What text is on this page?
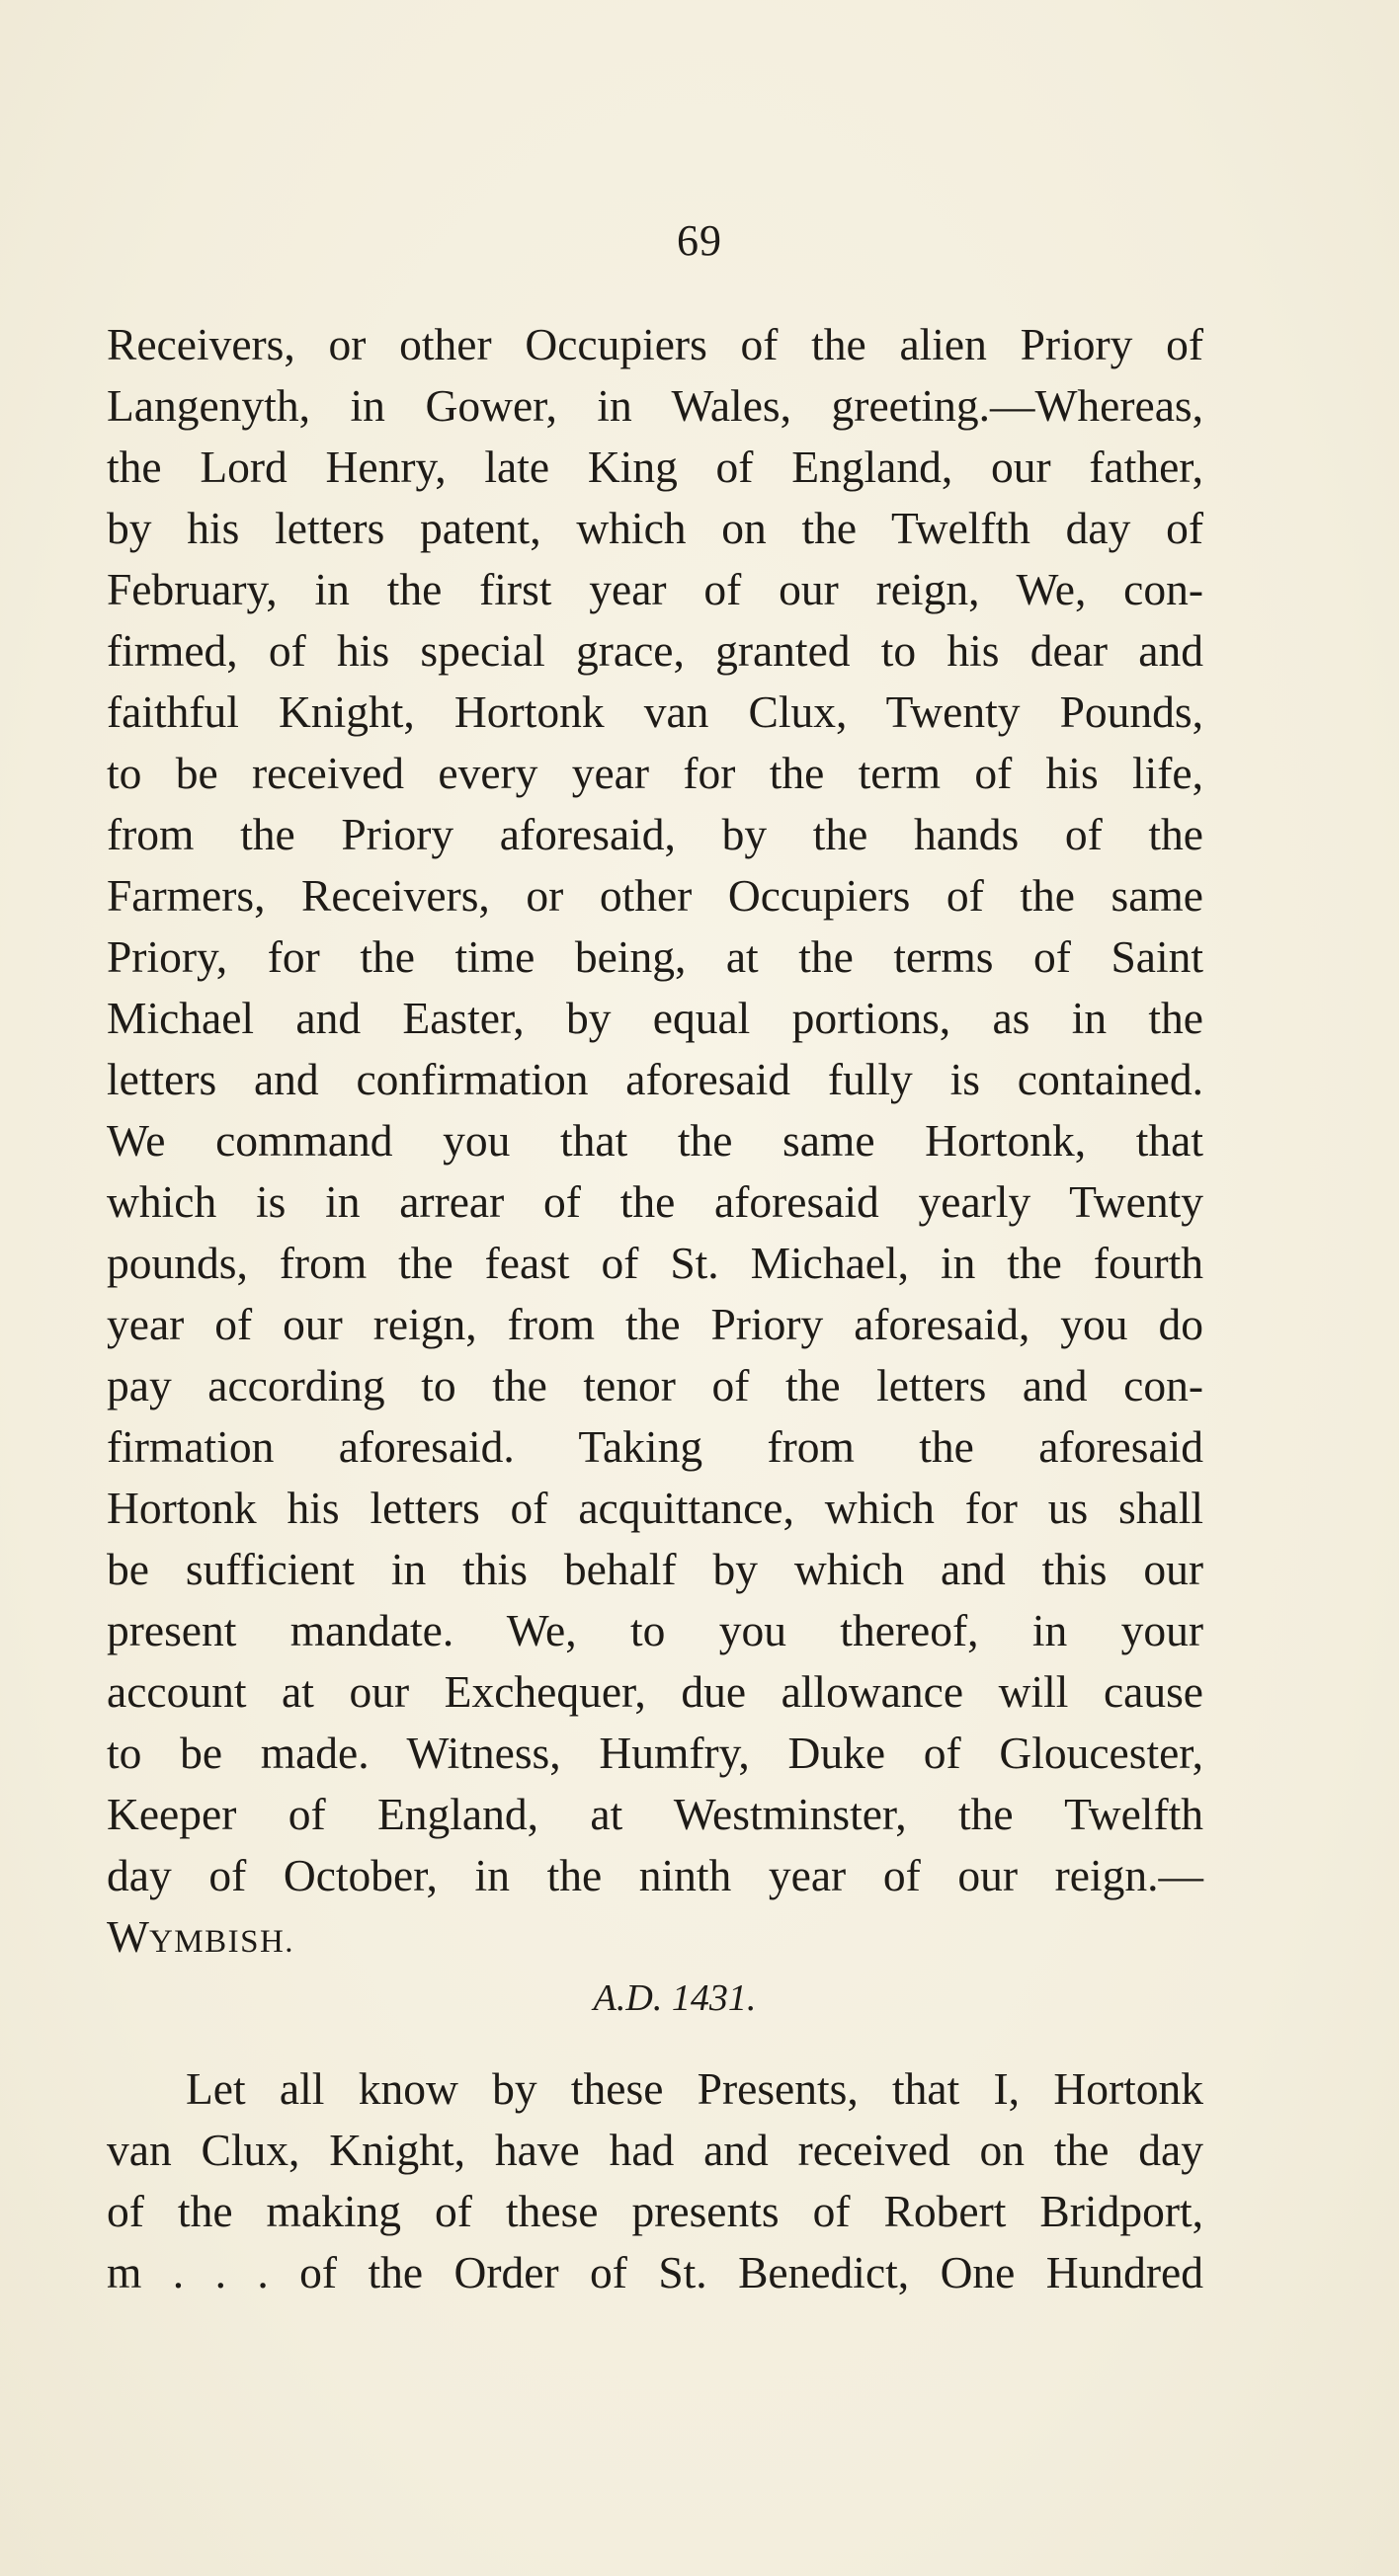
69
Receivers, or other Occupiers of the alien Priory of
Langenyth, in Gower, in Wales, greeting.—Whereas,
the Lord Henry, late King of England, our father,
by his letters patent, which on the Twelfth day of
February, in the first year of our reign, We, con-
firmed, of his special grace, granted to his dear and
faithful Knight, Hortonk van Clux, Twenty Pounds,
to be received every year for the term of his life,
from the Priory aforesaid, by the hands of the
Farmers, Receivers, or other Occupiers of the same
Priory, for the time being, at the terms of Saint
Michael and Easter, by equal portions, as in the
letters and confirmation aforesaid fully is contained.
We command you that the same Hortonk, that
which is in arrear of the aforesaid yearly Twenty
pounds, from the feast of St. Michael, in the fourth
year of our reign, from the Priory aforesaid, you do
pay according to the tenor of the letters and con-
firmation aforesaid. Taking from the aforesaid
Hortonk his letters of acquittance, which for us shall
be sufficient in this behalf by which and this our
present mandate. We, to you thereof, in your
account at our Exchequer, due allowance will cause
to be made. Witness, Humfry, Duke of Gloucester,
Keeper of England, at Westminster, the Twelfth
day of October, in the ninth year of our reign.—
WYMBISH.
A.D. 1431.
Let all know by these Presents, that I, Hortonk
van Clux, Knight, have had and received on the day
of the making of these presents of Robert Bridport,
m . . . of the Order of St. Benedict, One Hundred
